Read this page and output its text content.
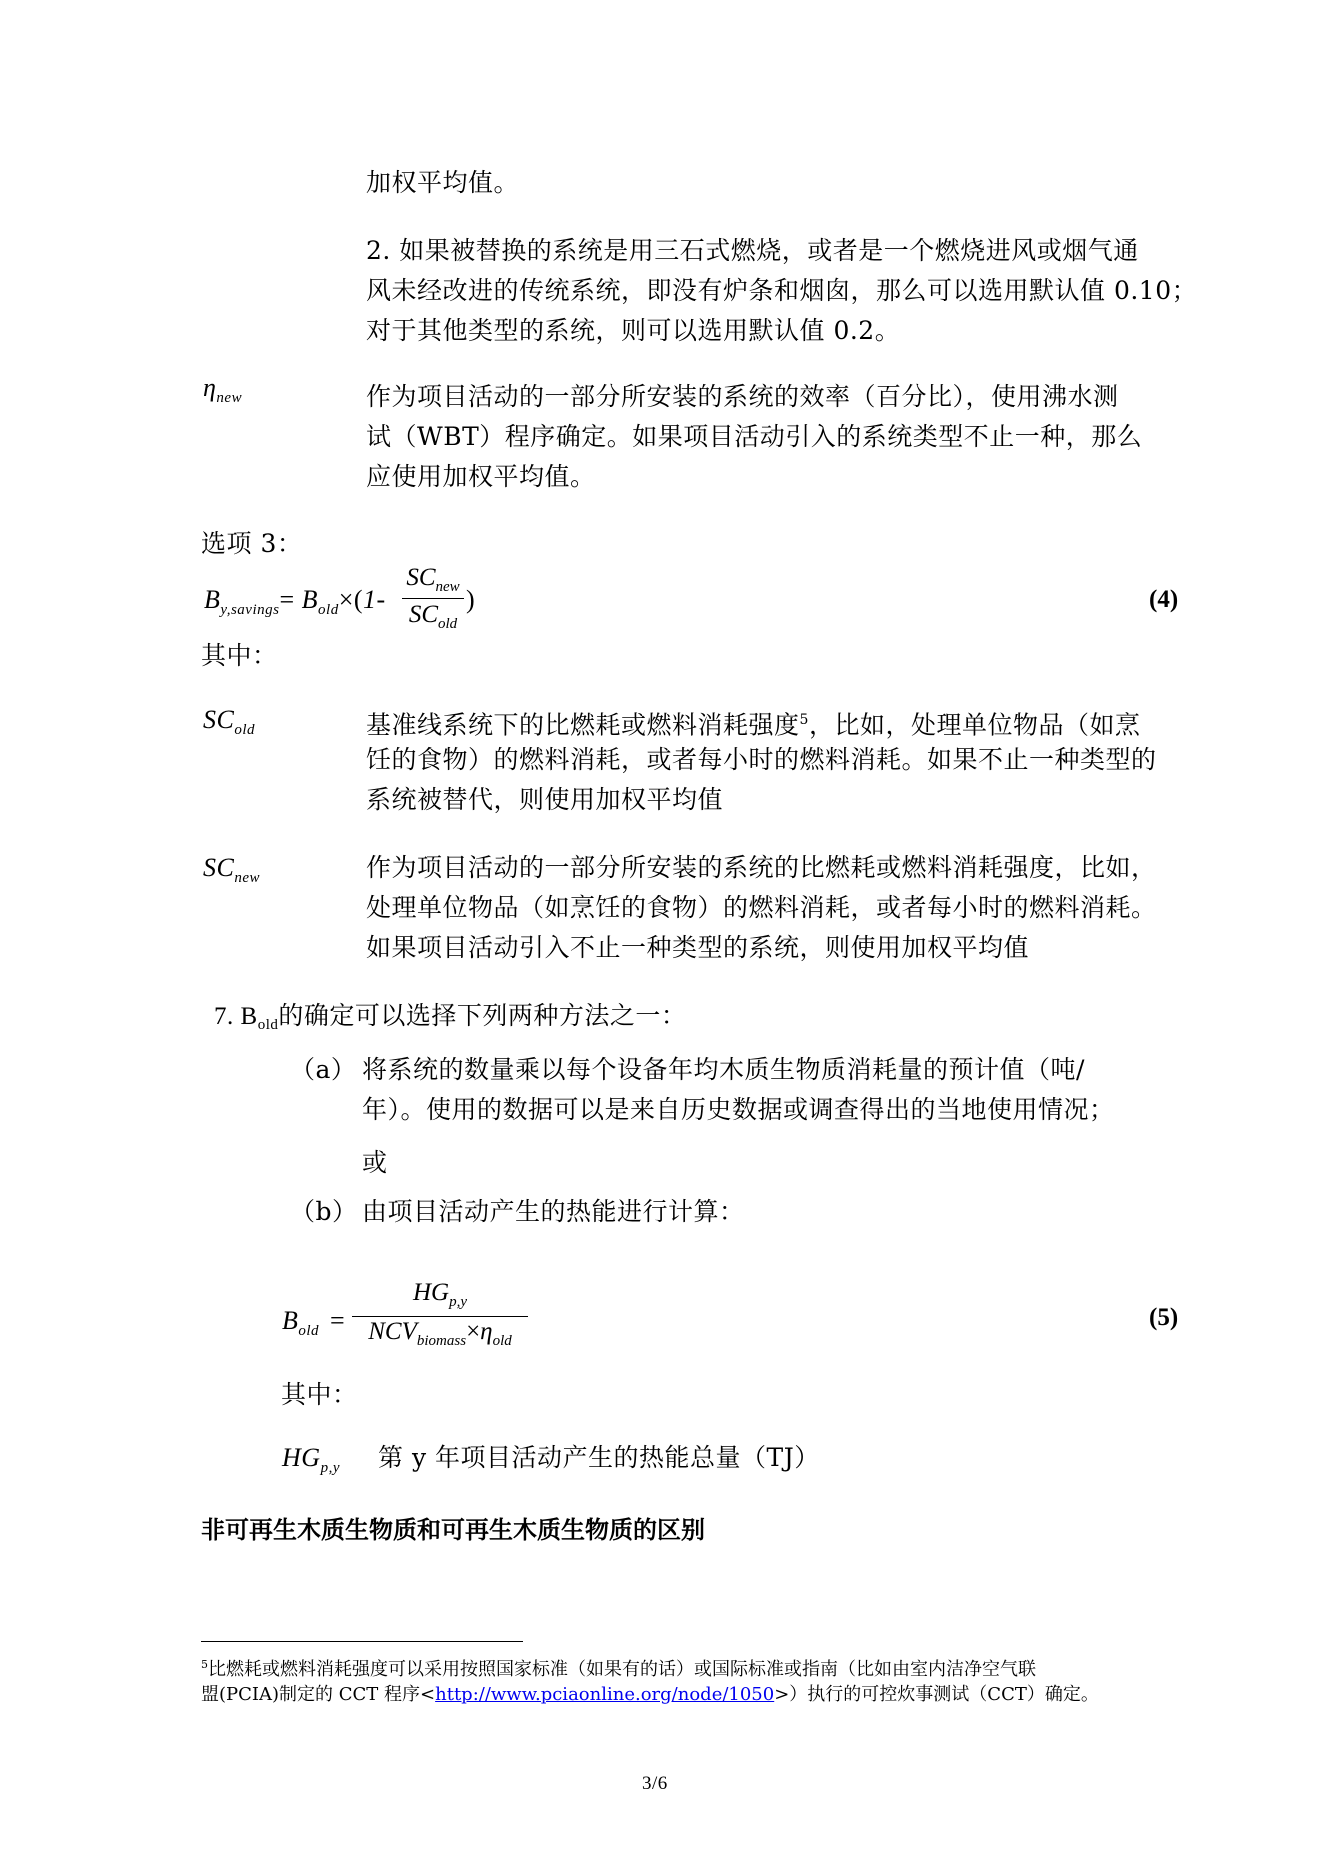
加权平均值。
2. 如果被替换的系统是用三石式燃烧，或者是一个燃烧进风或烟气通
风未经改进的传统系统，即没有炉条和烟囱，那么可以选用默认值 0.10；
对于其他类型的系统，则可以选用默认值 0.2。
$\eta_{new}$	作为项目活动的一部分所安装的系统的效率（百分比），使用沸水测
试（WBT）程序确定。如果项目活动引入的系统类型不止一种，那么
应使用加权平均值。
选项 3：
$B_{y,savings}= B_{old}\times(1-$
$SC_{new}$
$SC_{old}$
)	(4)
其中：
$SC_{old}$	基准线系统下的比燃耗或燃料消耗强度$^5$，比如，处理单位物品（如烹
饪的食物）的燃料消耗，或者每小时的燃料消耗。如果不止一种类型的
系统被替代，则使用加权平均值
$SC_{new}$	作为项目活动的一部分所安装的系统的比燃耗或燃料消耗强度，比如，
处理单位物品（如烹饪的食物）的燃料消耗，或者每小时的燃料消耗。
如果项目活动引入不止一种类型的系统，则使用加权平均值
7. $B_{old}$的确定可以选择下列两种方法之一：
（a） 将系统的数量乘以每个设备年均木质生物质消耗量的预计值（吨/
年）。使用的数据可以是来自历史数据或调查得出的当地使用情况；
或
（b） 由项目活动产生的热能进行计算：
$B_{old}$ =
$HG_{p,y}$
$NCV_{biomass}\times\eta_{old}$
(5)
其中：
$HG_{p,y}$ 第 y 年项目活动产生的热能总量（TJ）
非可再生木质生物质和可再生木质生物质的区别
$^5$比燃耗或燃料消耗强度可以采用按照国家标准（如果有的话）或国际标准或指南（比如由室内洁净空气联
盟(PCIA)制定的 CCT 程序<http://www.pciaonline.org/node/1050>）执行的可控炊事测试（CCT）确定。
3/6
